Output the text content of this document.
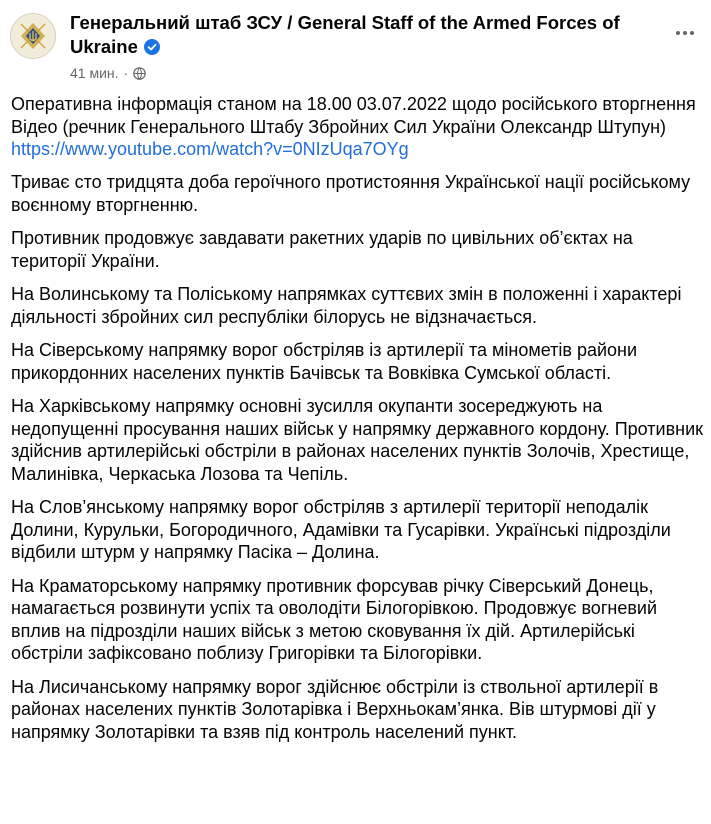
Генеральний штаб ЗСУ / General Staff of the Armed Forces of Ukraine
41 мин. ·

Оперативна інформація станом на 18.00 03.07.2022 щодо російського вторгнення
Відео (речник Генерального Штабу Збройних Сил України Олександр Штупун)
https://www.youtube.com/watch?v=0NIzUqa7OYg

Триває сто тридцята доба героїчного протистояння Української нації російському воєнному вторгненню.

Противник продовжує завдавати ракетних ударів по цивільних об’єктах на території України.

На Волинському та Поліському напрямках суттєвих змін в положенні і характері діяльності збройних сил республіки білорусь не відзначається.

На Сіверському напрямку ворог обстріляв із артилерії та мінометів райони прикордонних населених пунктів Бачівськ та Вовківка Сумської області.

На Харківському напрямку основні зусилля окупанти зосереджують на недопущенні просування наших військ у напрямку державного кордону. Противник здійснив артилерійські обстріли в районах населених пунктів Золочів, Хрестище, Малинівка, Черкаська Лозова та Чепіль.

На Слов’янському напрямку ворог обстріляв з артилерії території неподалік Долини, Курульки, Богородичного, Адамівки та Гусарівки. Українські підрозділи відбили штурм у напрямку Пасіка – Долина.

На Краматорському напрямку противник форсував річку Сіверський Донець, намагається розвинути успіх та оволодіти Білогорівкою. Продовжує вогневий вплив на підрозділи наших військ з метою сковування їх дій. Артилерійські обстріли зафіксовано поблизу Григорівки та Білогорівки.

На Лисичанському напрямку ворог здійснює обстріли із ствольної артилерії в районах населених пунктів Золотарівка і Верхньокам’янка. Вів штурмові дії у напрямку Золотарівки та взяв під контроль населений пункт.
